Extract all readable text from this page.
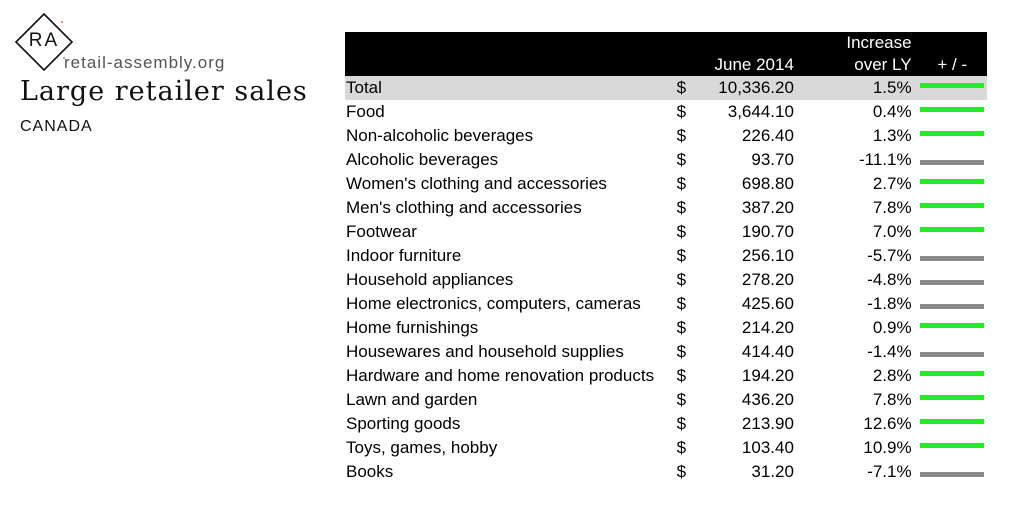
RA
retail-assembly.org
Large retailer sales
CANADA
		June 2014	Increase
over LY	+ / -
Total	$	10,336.20	1.5%	
Food	$	3,644.10	0.4%	
Non-alcoholic beverages	$	226.40	1.3%	
Alcoholic beverages	$	93.70	-11.1%	
Women's clothing and accessories	$	698.80	2.7%	
Men's clothing and accessories	$	387.20	7.8%	
Footwear	$	190.70	7.0%	
Indoor furniture	$	256.10	-5.7%	
Household appliances	$	278.20	-4.8%	
Home electronics, computers, cameras	$	425.60	-1.8%	
Home furnishings	$	214.20	0.9%	
Housewares and household supplies	$	414.40	-1.4%	
Hardware and home renovation products	$	194.20	2.8%	
Lawn and garden	$	436.20	7.8%	
Sporting goods	$	213.90	12.6%	
Toys, games, hobby	$	103.40	10.9%	
Books	$	31.20	-7.1%	
